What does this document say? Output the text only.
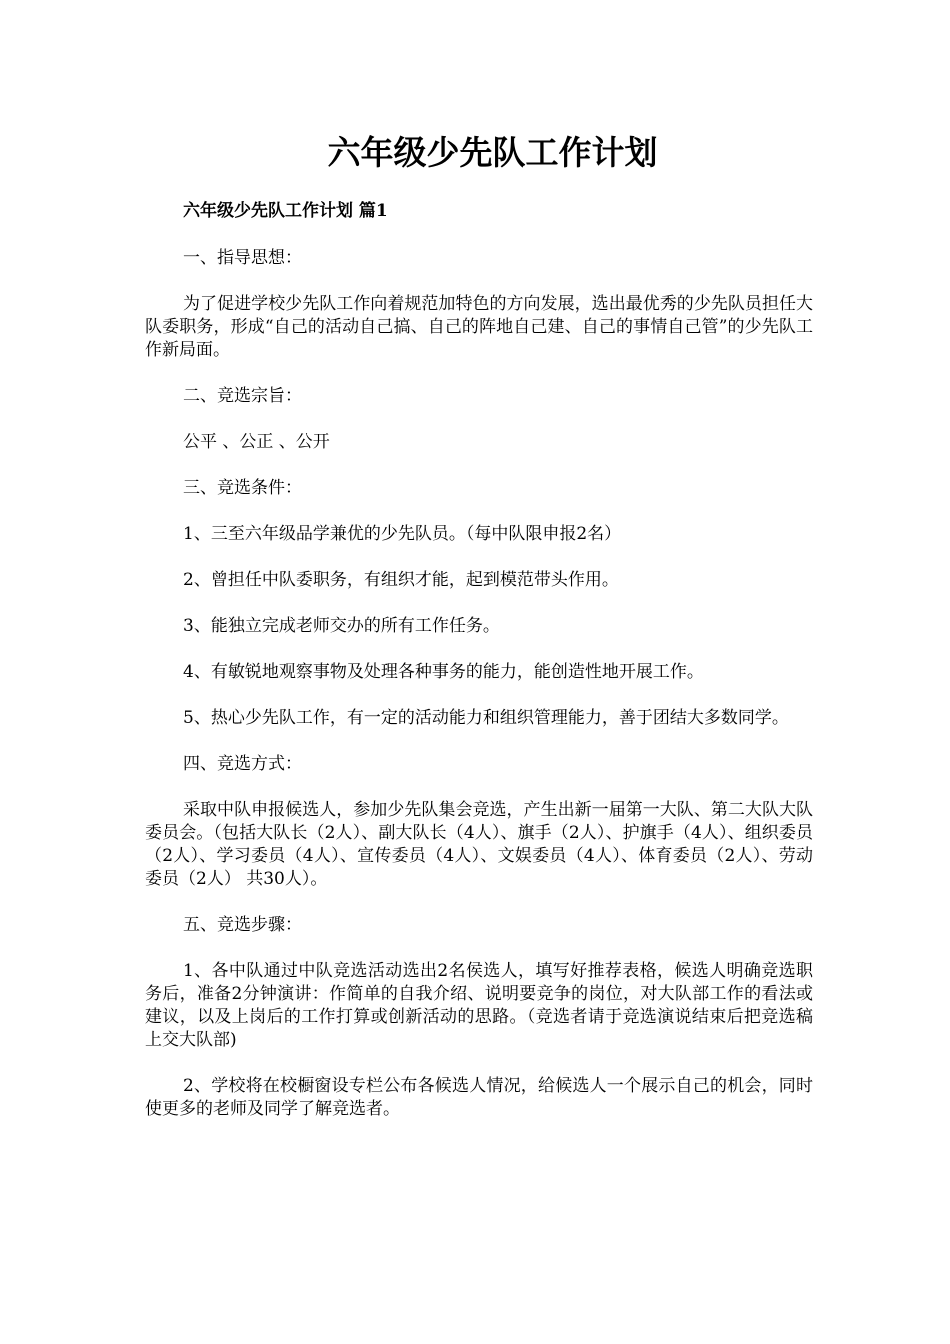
六年级少先队工作计划

六年级少先队工作计划 篇1

一、指导思想：

为了促进学校少先队工作向着规范加特色的方向发展，选出最优秀的少先队员担任大队委职务，形成“自己的活动自己搞、自己的阵地自己建、自己的事情自己管”的少先队工作新局面。

二、竞选宗旨：

公平 、公正 、公开

三、竞选条件：

1、三至六年级品学兼优的少先队员。（每中队限申报2名）

2、曾担任中队委职务，有组织才能，起到模范带头作用。

3、能独立完成老师交办的所有工作任务。

4、有敏锐地观察事物及处理各种事务的能力，能创造性地开展工作。

5、热心少先队工作，有一定的活动能力和组织管理能力，善于团结大多数同学。

四、竞选方式：

采取中队申报候选人，参加少先队集会竞选，产生出新一届第一大队、第二大队大队委员会。（包括大队长（2人）、副大队长（4人）、旗手（2人）、护旗手（4人）、组织委员（2人）、学习委员（4人）、宣传委员（4人）、文娱委员（4人）、体育委员（2人）、劳动委员（2人） 共30人）。

五、竞选步骤：

1、各中队通过中队竞选活动选出2名侯选人，填写好推荐表格，候选人明确竞选职务后，准备2分钟演讲：作简单的自我介绍、说明要竞争的岗位，对大队部工作的看法或建议，以及上岗后的工作打算或创新活动的思路。（竞选者请于竞选演说结束后把竞选稿上交大队部)

2、学校将在校橱窗设专栏公布各候选人情况，给候选人一个展示自己的机会，同时使更多的老师及同学了解竞选者。
